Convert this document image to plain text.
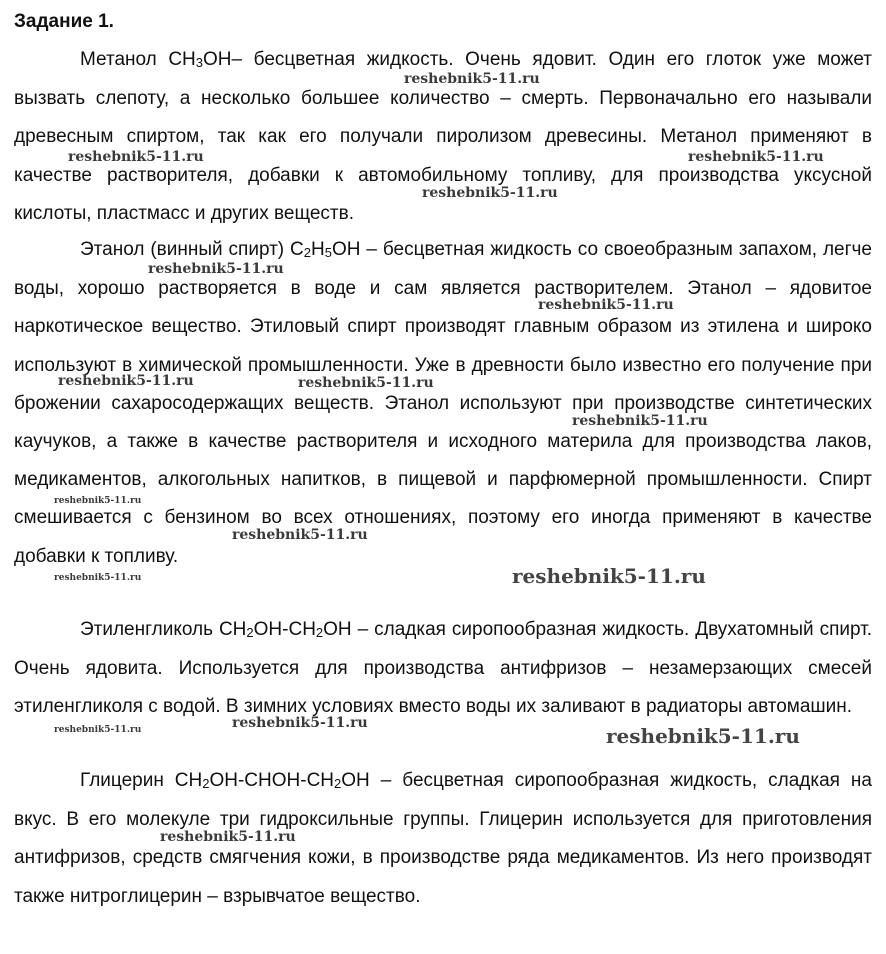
Задание 1.

Метанол $CH_3OH-$ бесцветная жидкость. Очень ядовит. Один его глоток уже может вызвать слепоту, а несколько большее количество – смерть. Первоначально его называли древесным спиртом, так как его получали пиролизом древесины. Метанол применяют в качестве растворителя, добавки к автомобильному топливу, для производства уксусной кислоты, пластмасс и других веществ.

Этанол (винный спирт) $C_2H_5OH$ – бесцветная жидкость со своеобразным запахом, легче воды, хорошо растворяется в воде и сам является растворителем. Этанол – ядовитое наркотическое вещество. Этиловый спирт производят главным образом из этилена и широко используют в химической промышленности. Уже в древности было известно его получение при брожении сахаросодержащих веществ. Этанол используют при производстве синтетических каучуков, а также в качестве растворителя и исходного материла для производства лаков, медикаментов, алкогольных напитков, в пищевой и парфюмерной промышленности. Спирт смешивается с бензином во всех отношениях, поэтому его иногда применяют в качестве добавки к топливу.

Этиленгликоль $CH_2OH-CH_2OH$ – сладкая сиропообразная жидкость. Двухатомный спирт. Очень ядовита. Используется для производства антифризов – незамерзающих смесей этиленгликоля с водой. В зимних условиях вместо воды их заливают в радиаторы автомашин.

Глицерин $CH_2OH-CHOH-CH_2OH$ – бесцветная сиропообразная жидкость, сладкая на вкус. В его молекуле три гидроксильные группы. Глицерин используется для приготовления антифризов, средств смягчения кожи, в производстве ряда медикаментов. Из него производят также нитроглицерин – взрывчатое вещество.

reshebnik5-11.ru
reshebnik5-11.ru	reshebnik5-11.ru
reshebnik5-11.ru
reshebnik5-11.ru
reshebnik5-11.ru
reshebnik5-11.ru	reshebnik5-11.ru
reshebnik5-11.ru
reshebnik5-11.ru
reshebnik5-11.ru
reshebnik5-11.ru	reshebnik5-11.ru
reshebnik5-11.ru	reshebnik5-11.ru
reshebnik5-11.ru
reshebnik5-11.ru
